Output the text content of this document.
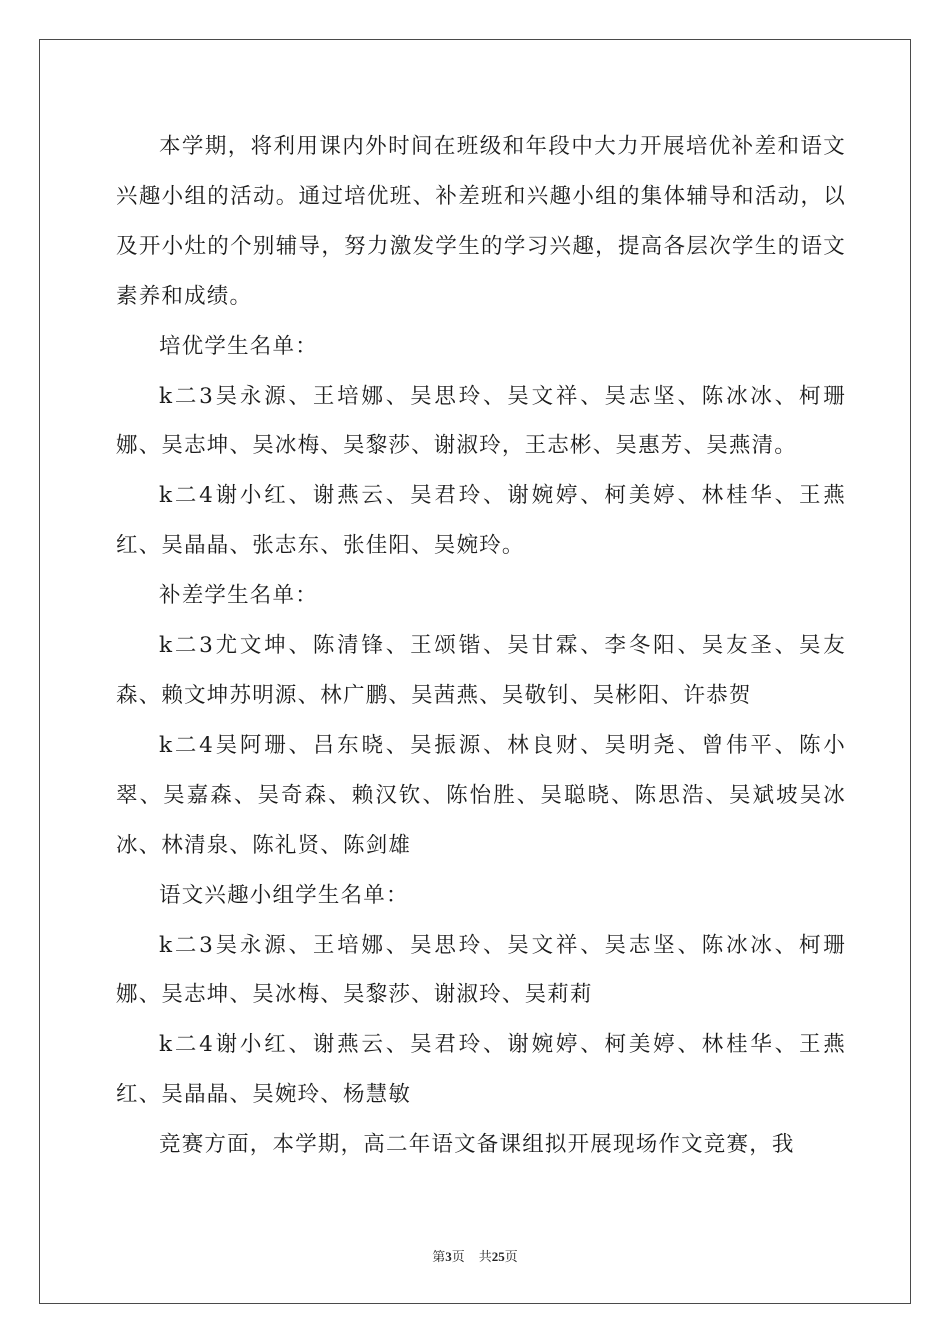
本学期，将利用课内外时间在班级和年段中大力开展培优补差和语文兴趣小组的活动。通过培优班、补差班和兴趣小组的集体辅导和活动，以及开小灶的个别辅导，努力激发学生的学习兴趣，提高各层次学生的语文素养和成绩。

培优学生名单：

k二3吴永源、王培娜、吴思玲、吴文祥、吴志坚、陈冰冰、柯珊娜、吴志坤、吴冰梅、吴黎莎、谢淑玲，王志彬、吴惠芳、吴燕清。

k二4谢小红、谢燕云、吴君玲、谢婉婷、柯美婷、林桂华、王燕红、吴晶晶、张志东、张佳阳、吴婉玲。

补差学生名单：

k二3尤文坤、陈清锋、王颂锴、吴甘霖、李冬阳、吴友圣、吴友森、赖文坤苏明源、林广鹏、吴茜燕、吴敬钊、吴彬阳、许恭贺

k二4吴阿珊、吕东晓、吴振源、林良财、吴明尧、曾伟平、陈小翠、吴嘉森、吴奇森、赖汉钦、陈怡胜、吴聪晓、陈思浩、吴斌坡吴冰冰、林清泉、陈礼贤、陈剑雄

语文兴趣小组学生名单：

k二3吴永源、王培娜、吴思玲、吴文祥、吴志坚、陈冰冰、柯珊娜、吴志坤、吴冰梅、吴黎莎、谢淑玲、吴莉莉

k二4谢小红、谢燕云、吴君玲、谢婉婷、柯美婷、林桂华、王燕红、吴晶晶、吴婉玲、杨慧敏

竞赛方面，本学期，高二年语文备课组拟开展现场作文竞赛，我

第3页 共25页
